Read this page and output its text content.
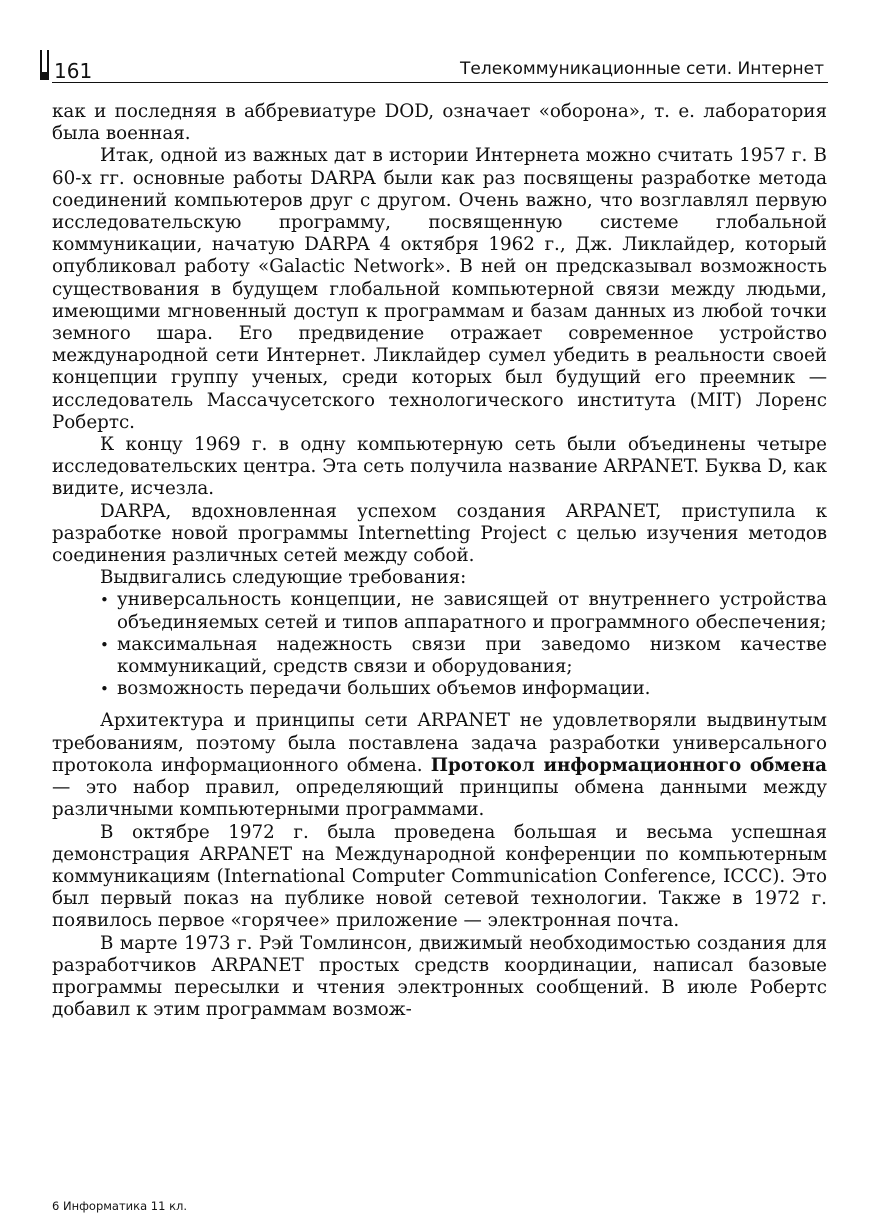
161	Телекоммуникационные сети. Интернет

как и последняя в аббревиатуре DOD, означает «оборона», т. е. лаборатория была военная.

Итак, одной из важных дат в истории Интернета можно считать 1957 г. В 60-х гг. основные работы DARPA были как раз посвящены разработке метода соединений компьютеров друг с другом. Очень важно, что возглавлял первую исследовательскую программу, посвященную системе глобальной коммуникации, начатую DARPA 4 октября 1962 г., Дж. Ликлайдер, который опубликовал работу «Galactic Network». В ней он предсказывал возможность существования в будущем глобальной компьютерной связи между людьми, имеющими мгновенный доступ к программам и базам данных из любой точки земного шара. Его предвидение отражает современное устройство международной сети Интернет. Ликлайдер сумел убедить в реальности своей концепции группу ученых, среди которых был будущий его преемник — исследователь Массачусетского технологического института (MIT) Лоренс Робертс.

К концу 1969 г. в одну компьютерную сеть были объединены четыре исследовательских центра. Эта сеть получила название ARPANET. Буква D, как видите, исчезла.

DARPA, вдохновленная успехом создания ARPANET, приступила к разработке новой программы Internetting Project с целью изучения методов соединения различных сетей между собой.

Выдвигались следующие требования:

• универсальность концепции, не зависящей от внутреннего устройства объединяемых сетей и типов аппаратного и программного обеспечения;
• максимальная надежность связи при заведомо низком качестве коммуникаций, средств связи и оборудования;
• возможность передачи больших объемов информации.

Архитектура и принципы сети ARPANET не удовлетворяли выдвинутым требованиям, поэтому была поставлена задача разработки универсального протокола информационного обмена. Протокол информационного обмена — это набор правил, определяющий принципы обмена данными между различными компьютерными программами.

В октябре 1972 г. была проведена большая и весьма успешная демонстрация ARPANET на Международной конференции по компьютерным коммуникациям (International Computer Communication Conference, ICCC). Это был первый показ на публике новой сетевой технологии. Также в 1972 г. появилось первое «горячее» приложение — электронная почта.

В марте 1973 г. Рэй Томлинсон, движимый необходимостью создания для разработчиков ARPANET простых средств координации, написал базовые программы пересылки и чтения электронных сообщений. В июле Робертс добавил к этим программам возмож-

6 Информатика 11 кл.
